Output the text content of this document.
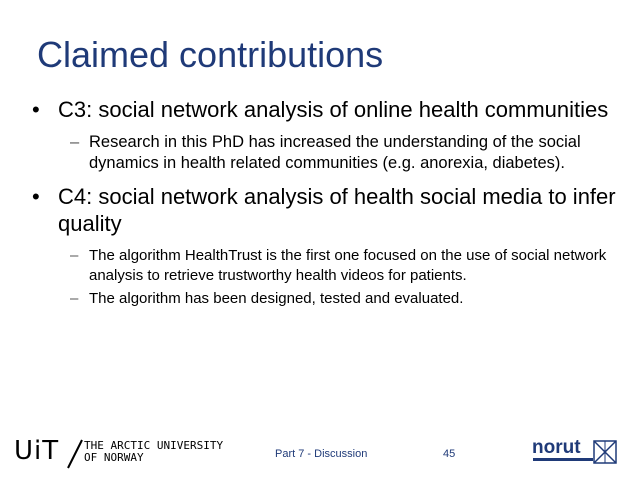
Claimed contributions
• C3: social network analysis of online health communities
– Research in this PhD has increased the understanding of the social dynamics in health related communities (e.g. anorexia, diabetes).
• C4: social network analysis of health social media to infer quality
– The algorithm HealthTrust is the first one focused on the use of social network analysis to retrieve trustworthy health videos for patients.
– The algorithm has been designed, tested and evaluated.
UiT THE ARCTIC UNIVERSITY
OF NORWAY	Part 7 - Discussion	45	norut
